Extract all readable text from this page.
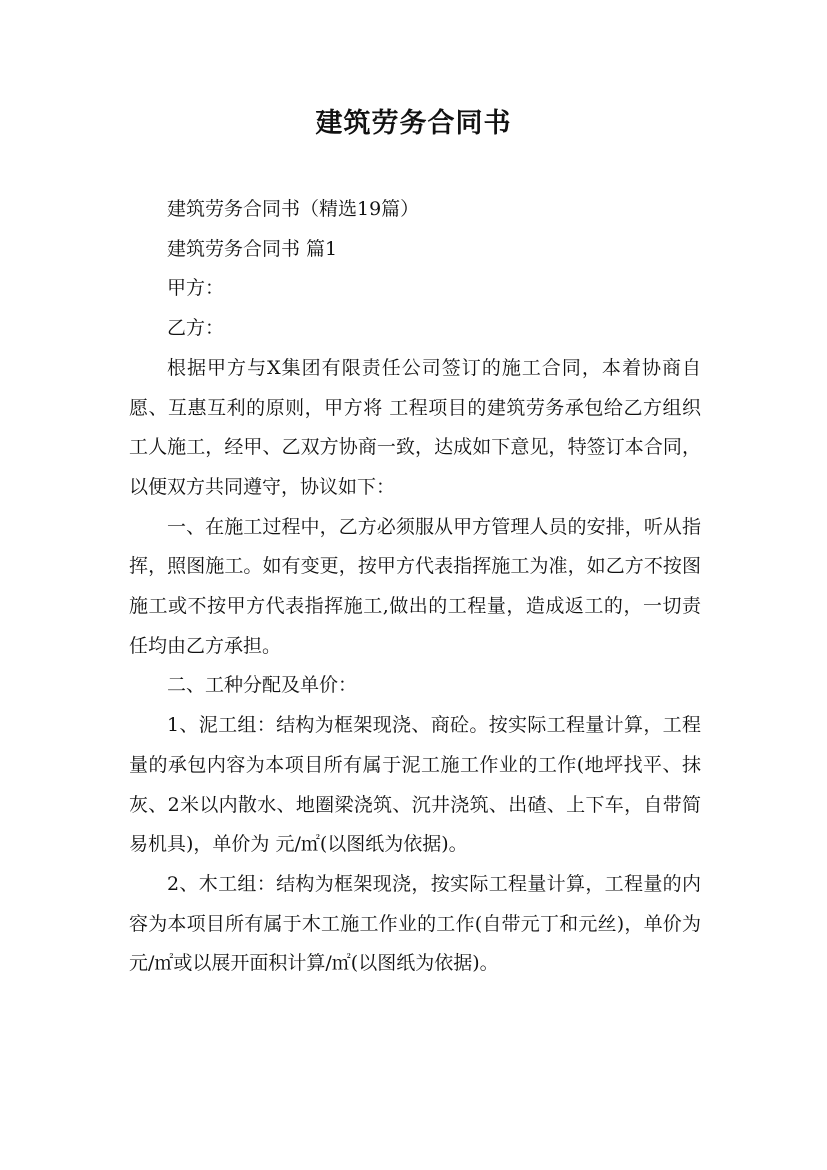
建筑劳务合同书

建筑劳务合同书（精选19篇）

建筑劳务合同书 篇1

甲方：

乙方：

根据甲方与X集团有限责任公司签订的施工合同，本着协商自愿、互惠互利的原则，甲方将 工程项目的建筑劳务承包给乙方组织工人施工，经甲、乙双方协商一致，达成如下意见，特签订本合同，以便双方共同遵守，协议如下：

一、在施工过程中，乙方必须服从甲方管理人员的安排，听从指挥，照图施工。如有变更，按甲方代表指挥施工为准，如乙方不按图施工或不按甲方代表指挥施工,做出的工程量，造成返工的，一切责任均由乙方承担。

二、工种分配及单价：

1、泥工组：结构为框架现浇、商砼。按实际工程量计算，工程量的承包内容为本项目所有属于泥工施工作业的工作(地坪找平、抹灰、2米以内散水、地圈梁浇筑、沉井浇筑、出碴、上下车，自带简易机具)，单价为 元/㎡(以图纸为依据)。

2、木工组：结构为框架现浇，按实际工程量计算，工程量的内容为本项目所有属于木工施工作业的工作(自带元丁和元丝)，单价为 元/㎡或以展开面积计算/㎡(以图纸为依据)。
